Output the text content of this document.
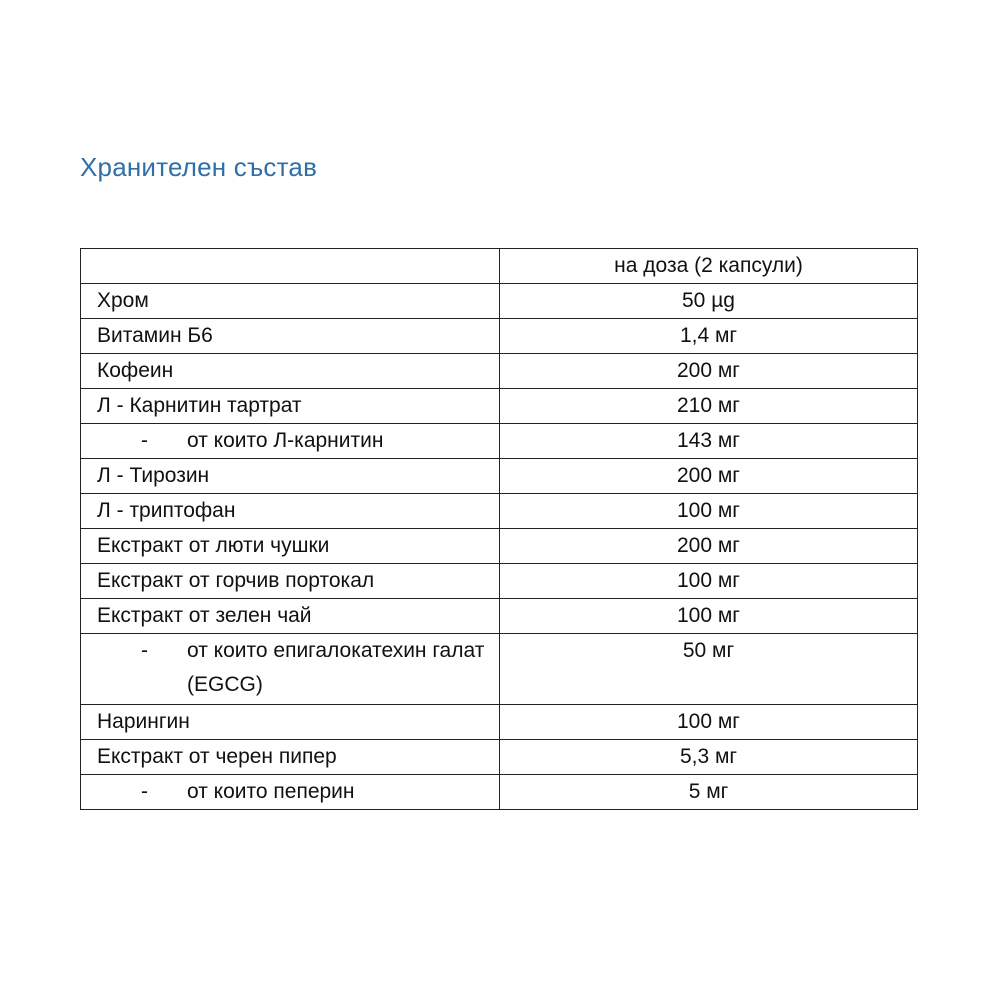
Хранителен състав
	на доза (2 капсули)
Хром	50 µg
Витамин Б6	1,4 мг
Кофеин	200 мг
Л - Карнитин тартрат	210 мг

- от които Л-карнитин	143 мг
Л - Тирозин	200 мг
Л - триптофан	100 мг
Екстракт от люти чушки	200 мг
Екстракт от горчив портокал	100 мг
Екстракт от зелен чай	100 мг

- от които епигалокатехин галат (EGCG)	50 мг
Нарингин	100 мг
Екстракт от черен пипер	5,3 мг

- от които пеперин	5 мг
